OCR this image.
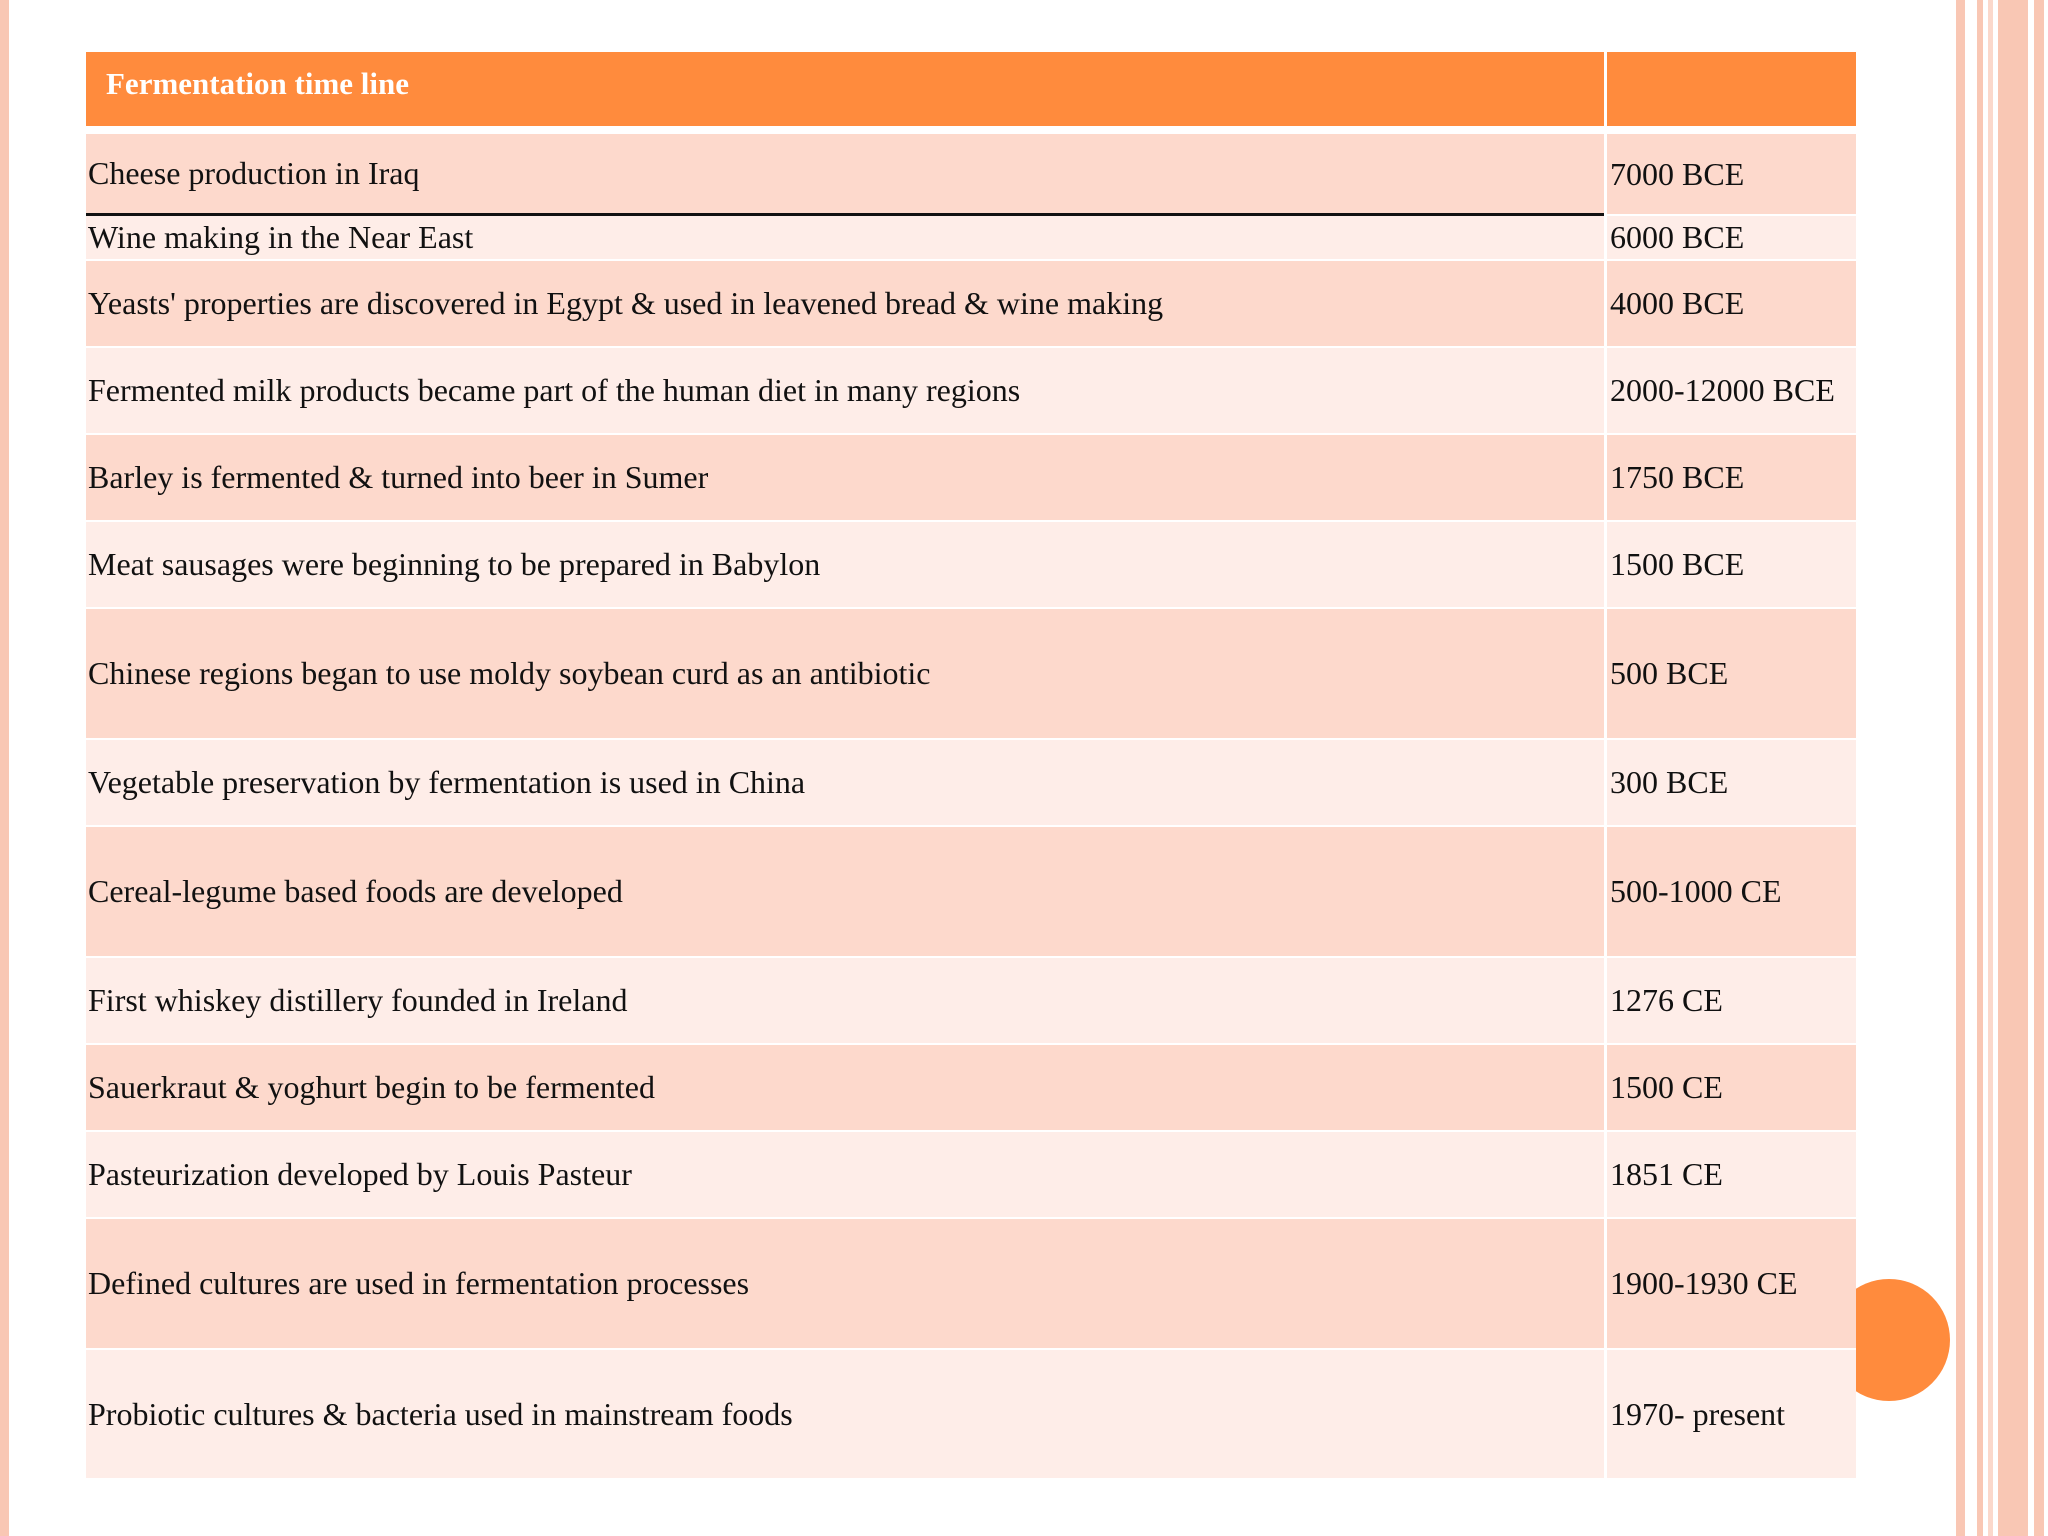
Fermentation time line	
Cheese production in Iraq	7000 BCE
Wine making in the Near East	6000 BCE
Yeasts' properties are discovered in Egypt & used in leavened bread & wine making	4000 BCE
Fermented milk products became part of the human diet in many regions	2000-12000 BCE
Barley is fermented & turned into beer in Sumer	1750 BCE
Meat sausages were beginning to be prepared in Babylon	1500 BCE
Chinese regions began to use moldy soybean curd as an antibiotic	500 BCE
Vegetable preservation by fermentation is used in China	300 BCE
Cereal-legume based foods are developed	500-1000 CE
First whiskey distillery founded in Ireland	1276 CE
Sauerkraut & yoghurt begin to be fermented	1500 CE
Pasteurization developed by Louis Pasteur	1851 CE
Defined cultures are used in fermentation processes	1900-1930 CE
Probiotic cultures & bacteria used in mainstream foods	1970- present
